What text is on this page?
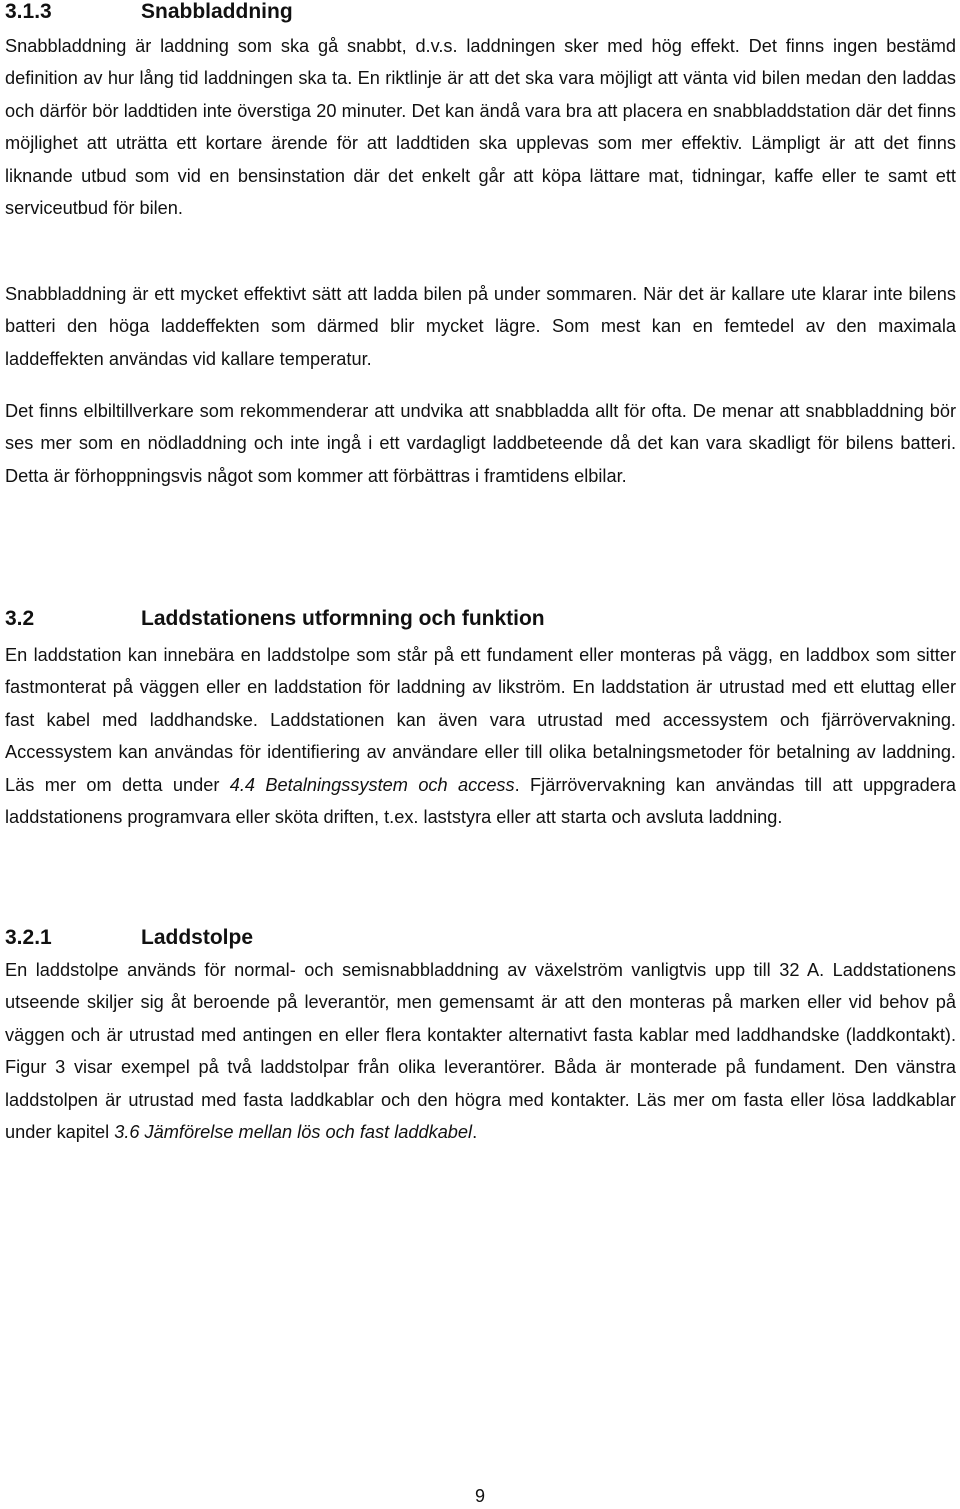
3.1.3	Snabbladdning

Snabbladdning är laddning som ska gå snabbt, d.v.s. laddningen sker med hög effekt. Det finns ingen bestämd definition av hur lång tid laddningen ska ta. En riktlinje är att det ska vara möjligt att vänta vid bilen medan den laddas och därför bör laddtiden inte överstiga 20 minuter. Det kan ändå vara bra att placera en snabbladdstation där det finns möjlighet att uträtta ett kortare ärende för att laddtiden ska upplevas som mer effektiv. Lämpligt är att det finns liknande utbud som vid en bensinstation där det enkelt går att köpa lättare mat, tidningar, kaffe eller te samt ett serviceutbud för bilen.

Snabbladdning är ett mycket effektivt sätt att ladda bilen på under sommaren. När det är kallare ute klarar inte bilens batteri den höga laddeffekten som därmed blir mycket lägre. Som mest kan en femtedel av den maximala laddeffekten användas vid kallare temperatur.

Det finns elbiltillverkare som rekommenderar att undvika att snabbladda allt för ofta. De menar att snabbladdning bör ses mer som en nödladdning och inte ingå i ett vardagligt laddbeteende då det kan vara skadligt för bilens batteri. Detta är förhoppningsvis något som kommer att förbättras i framtidens elbilar.

3.2	Laddstationens utformning och funktion

En laddstation kan innebära en laddstolpe som står på ett fundament eller monteras på vägg, en laddbox som sitter fastmonterat på väggen eller en laddstation för laddning av likström. En laddstation är utrustad med ett eluttag eller fast kabel med laddhandske. Laddstationen kan även vara utrustad med accessystem och fjärrövervakning. Accessystem kan användas för identifiering av användare eller till olika betalningsmetoder för betalning av laddning. Läs mer om detta under 4.4 Betalningssystem och access. Fjärrövervakning kan användas till att uppgradera laddstationens programvara eller sköta driften, t.ex. laststyra eller att starta och avsluta laddning.

3.2.1	Laddstolpe

En laddstolpe används för normal- och semisnabbladdning av växelström vanligtvis upp till 32 A. Laddstationens utseende skiljer sig åt beroende på leverantör, men gemensamt är att den monteras på marken eller vid behov på väggen och är utrustad med antingen en eller flera kontakter alternativt fasta kablar med laddhandske (laddkontakt). Figur 3 visar exempel på två laddstolpar från olika leverantörer. Båda är monterade på fundament. Den vänstra laddstolpen är utrustad med fasta laddkablar och den högra med kontakter. Läs mer om fasta eller lösa laddkablar under kapitel 3.6 Jämförelse mellan lös och fast laddkabel.

9
